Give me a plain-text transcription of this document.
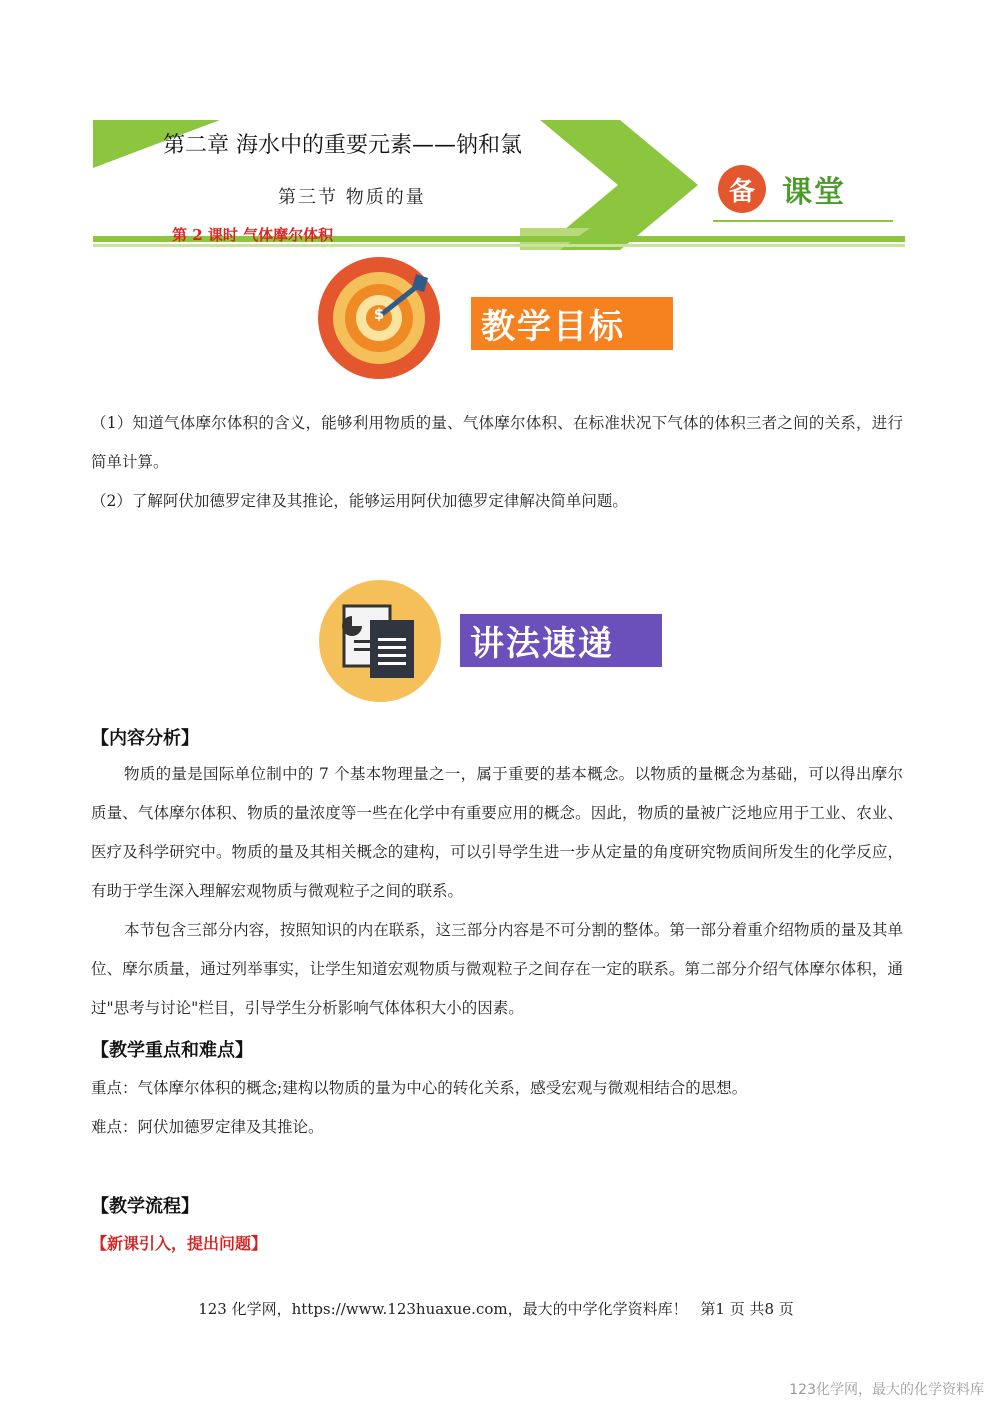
第二章 海水中的重要元素——钠和氯
第三节 物质的量
第 2 课时 气体摩尔体积
备 课堂
$	教学目标
（1）知道气体摩尔体积的含义，能够利用物质的量、气体摩尔体积、在标准状况下气体的体积三者之间的关系，进行简单计算。
（2）了解阿伏加德罗定律及其推论，能够运用阿伏加德罗定律解决简单问题。
讲法速递
【内容分析】
物质的量是国际单位制中的 7 个基本物理量之一，属于重要的基本概念。以物质的量概念为基础，可以得出摩尔质量、气体摩尔体积、物质的量浓度等一些在化学中有重要应用的概念。因此，物质的量被广泛地应用于工业、农业、医疗及科学研究中。物质的量及其相关概念的建构，可以引导学生进一步从定量的角度研究物质间所发生的化学反应，有助于学生深入理解宏观物质与微观粒子之间的联系。
本节包含三部分内容，按照知识的内在联系，这三部分内容是不可分割的整体。第一部分着重介绍物质的量及其单位、摩尔质量，通过列举事实，让学生知道宏观物质与微观粒子之间存在一定的联系。第二部分介绍气体摩尔体积，通过"思考与讨论"栏目，引导学生分析影响气体体积大小的因素。
【教学重点和难点】
重点：气体摩尔体积的概念;建构以物质的量为中心的转化关系，感受宏观与微观相结合的思想。
难点：阿伏加德罗定律及其推论。
【教学流程】
【新课引入，提出问题】
123 化学网，https://www.123huaxue.com，最大的中学化学资料库！ 第1 页 共8 页
123化学网，最大的化学资料库
